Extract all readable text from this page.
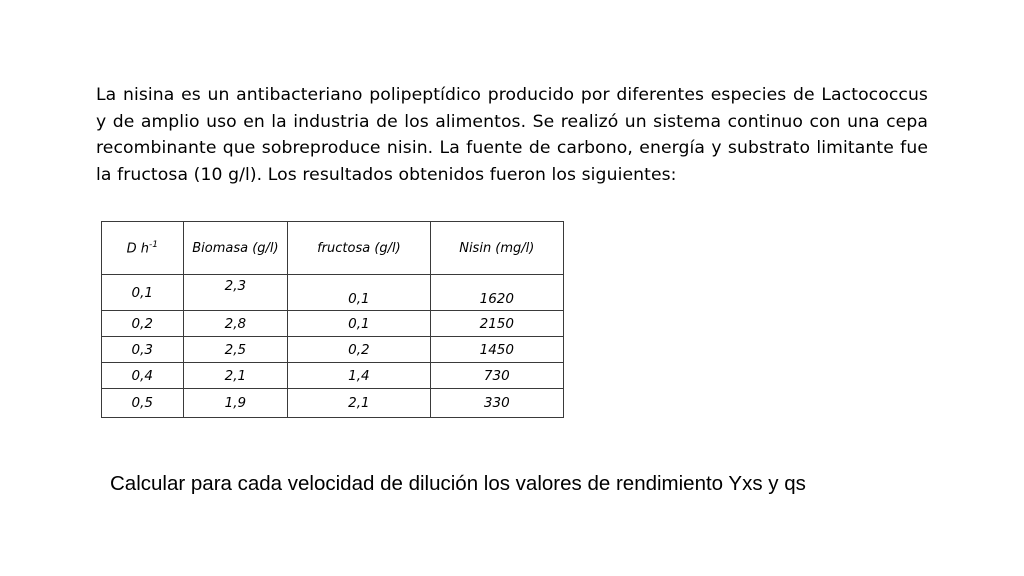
La nisina es un antibacteriano polipeptídico producido por diferentes especies de Lactococcus y de amplio uso en la industria de los alimentos. Se realizó un sistema continuo con una cepa recombinante que sobreproduce nisin. La fuente de carbono, energía y substrato limitante fue la fructosa (10 g/l). Los resultados obtenidos fueron los siguientes:

D $h^{-1}$	Biomasa (g/l)	fructosa (g/l)	Nisin (mg/l)
0,1	2,3	0,1	1620
0,2	2,8	0,1	2150
0,3	2,5	0,2	1450
0,4	2,1	1,4	730
0,5	1,9	2,1	330

Calcular para cada velocidad de dilución los valores de rendimiento Yxs y qs
